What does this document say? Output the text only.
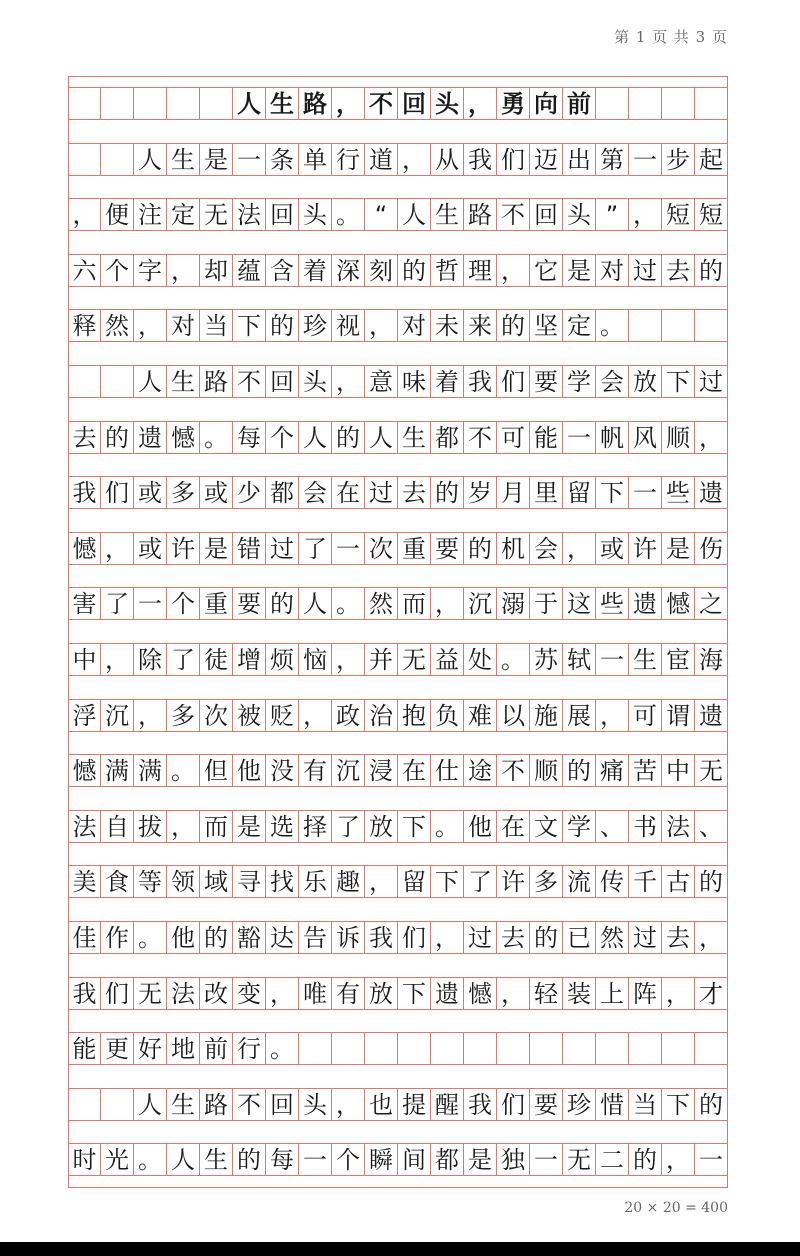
第 1 页 共 3 页
人 生 路 ， 不 回 头 ， 勇 向 前
人 生 是 一 条 单 行 道 ， 从 我 们 迈 出 第 一 步 起
， 便 注 定 无 法 回 头 。 “ 人 生 路 不 回 头 ” ， 短 短
六 个 字 ， 却 蕴 含 着 深 刻 的 哲 理 ， 它 是 对 过 去 的
释 然 ， 对 当 下 的 珍 视 ， 对 未 来 的 坚 定 。
人 生 路 不 回 头 ， 意 味 着 我 们 要 学 会 放 下 过
去 的 遗 憾 。 每 个 人 的 人 生 都 不 可 能 一 帆 风 顺 ，
我 们 或 多 或 少 都 会 在 过 去 的 岁 月 里 留 下 一 些 遗
憾 ， 或 许 是 错 过 了 一 次 重 要 的 机 会 ， 或 许 是 伤
害 了 一 个 重 要 的 人 。 然 而 ， 沉 溺 于 这 些 遗 憾 之
中 ， 除 了 徒 增 烦 恼 ， 并 无 益 处 。 苏 轼 一 生 宦 海
浮 沉 ， 多 次 被 贬 ， 政 治 抱 负 难 以 施 展 ， 可 谓 遗
憾 满 满 。 但 他 没 有 沉 浸 在 仕 途 不 顺 的 痛 苦 中 无
法 自 拔 ， 而 是 选 择 了 放 下 。 他 在 文 学 、 书 法 、
美 食 等 领 域 寻 找 乐 趣 ， 留 下 了 许 多 流 传 千 古 的
佳 作 。 他 的 豁 达 告 诉 我 们 ， 过 去 的 已 然 过 去 ，
我 们 无 法 改 变 ， 唯 有 放 下 遗 憾 ， 轻 装 上 阵 ， 才
能 更 好 地 前 行 。
人 生 路 不 回 头 ， 也 提 醒 我 们 要 珍 惜 当 下 的
时 光 。 人 生 的 每 一 个 瞬 间 都 是 独 一 无 二 的 ， 一
20 × 20 = 400
